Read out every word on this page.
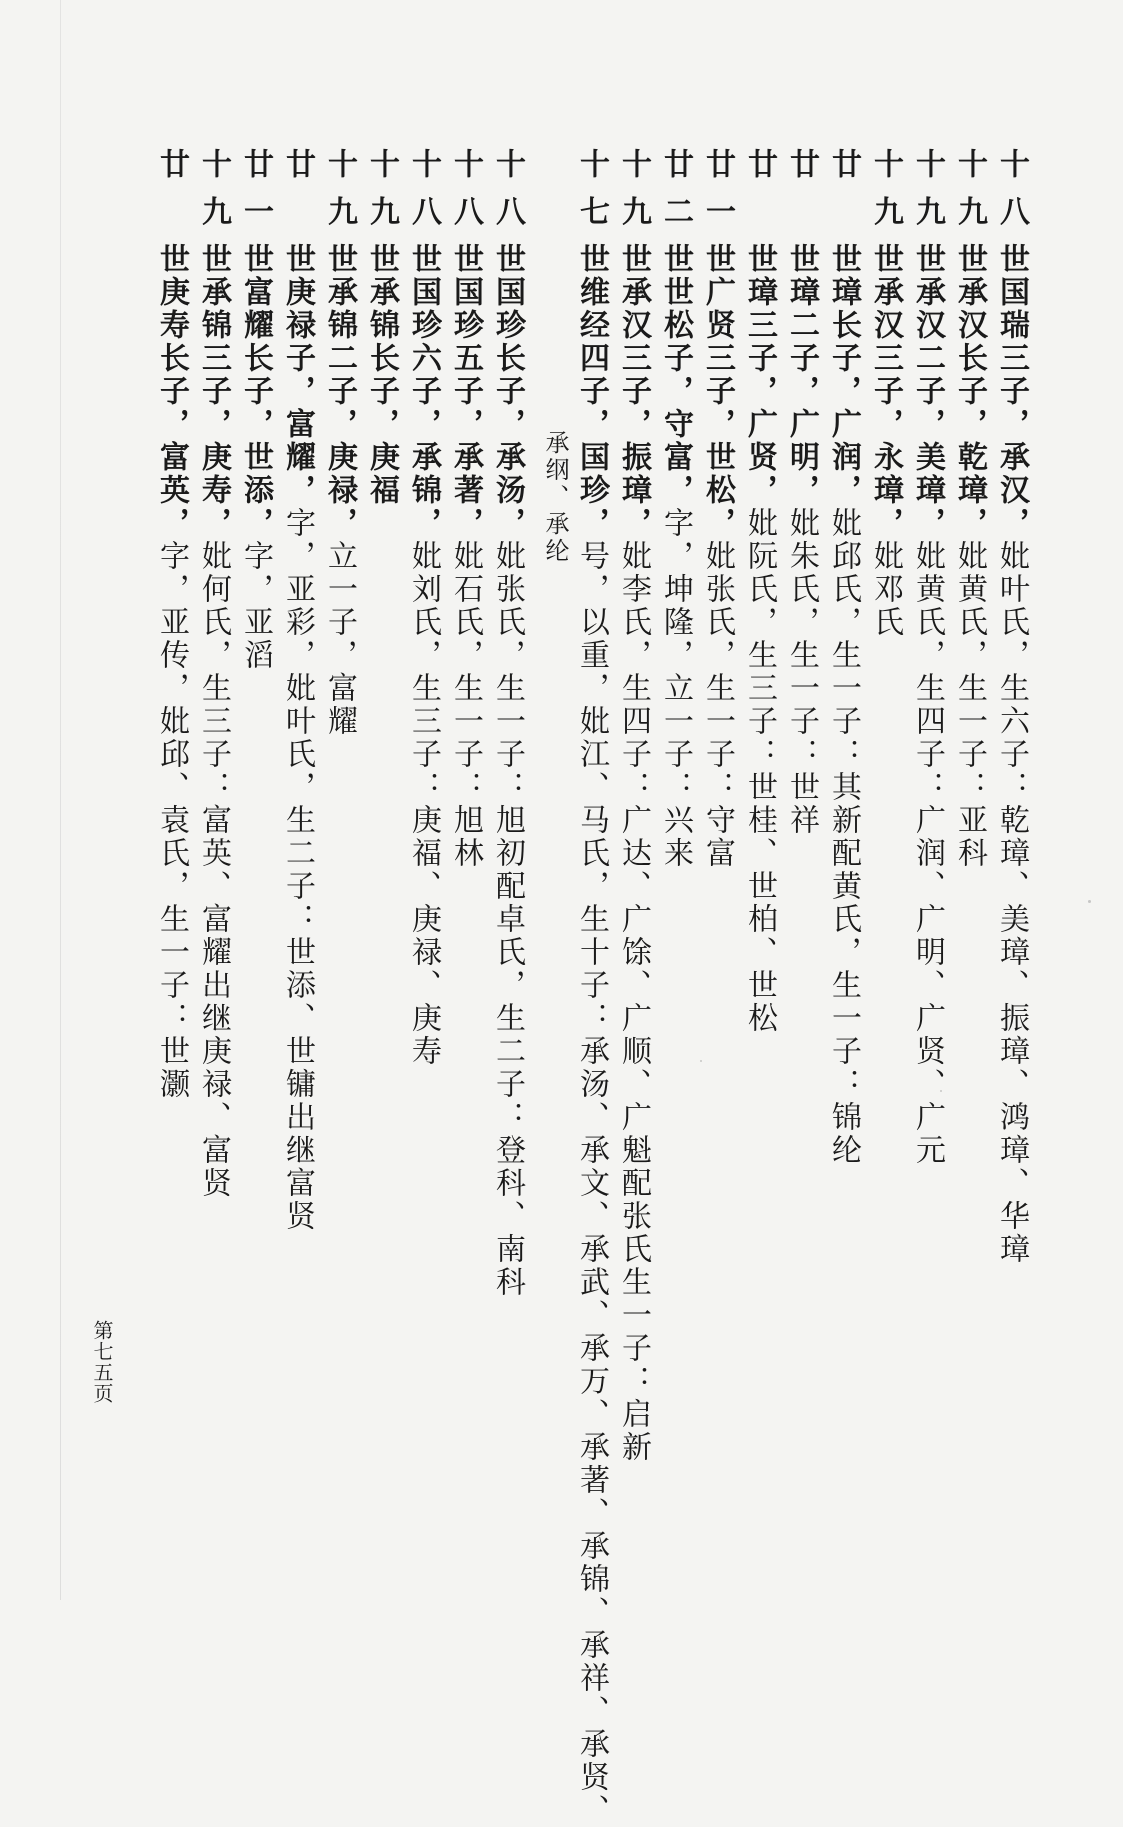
十八世国瑞三子，承汉，妣叶氏，生六子：乾璋、美璋、振璋、鸿璋、华璋
十九世承汉长子，乾璋，妣黄氏，生一子：亚科
十九世承汉二子，美璋，妣黄氏，生四子：广润、广明、广贤、广元
十九世承汉三子，永璋，妣邓氏
廿 世璋长子，广润，妣邱氏，生一子：其新配黄氏，生一子：锦纶
廿 世璋二子，广明，妣朱氏，生一子：世祥
廿 世璋三子，广贤，妣阮氏，生三子：世桂、世柏、世松
廿一世广贤三子，世松，妣张氏，生一子：守富
廿二世世松子，守富，字，坤隆，立一子：兴来
十九世承汉三子，振璋，妣李氏，生四子：广达、广馀、广顺、广魁配张氏生一子：启新
十七世维经四子，国珍，号，以重，妣江、马氏，生十子：承汤、承文、承武、承万、承著、承锦、承祥、承贤、
承纲、承纶
十八世国珍长子，承汤，妣张氏，生一子：旭初配卓氏，生二子：登科、南科
十八世国珍五子，承著，妣石氏，生一子：旭林
十八世国珍六子，承锦，妣刘氏，生三子：庚福、庚禄、庚寿
十九世承锦长子，庚福
十九世承锦二子，庚禄，立一子，富耀
廿 世庚禄子，富耀，字，亚彩，妣叶氏，生二子：世添、世镛出继富贤
廿一世富耀长子，世添，字，亚滔
十九世承锦三子，庚寿，妣何氏，生三子：富英、富耀出继庚禄、富贤
廿 世庚寿长子，富英，字，亚传，妣邱、袁氏，生一子：世灏
第七五页
